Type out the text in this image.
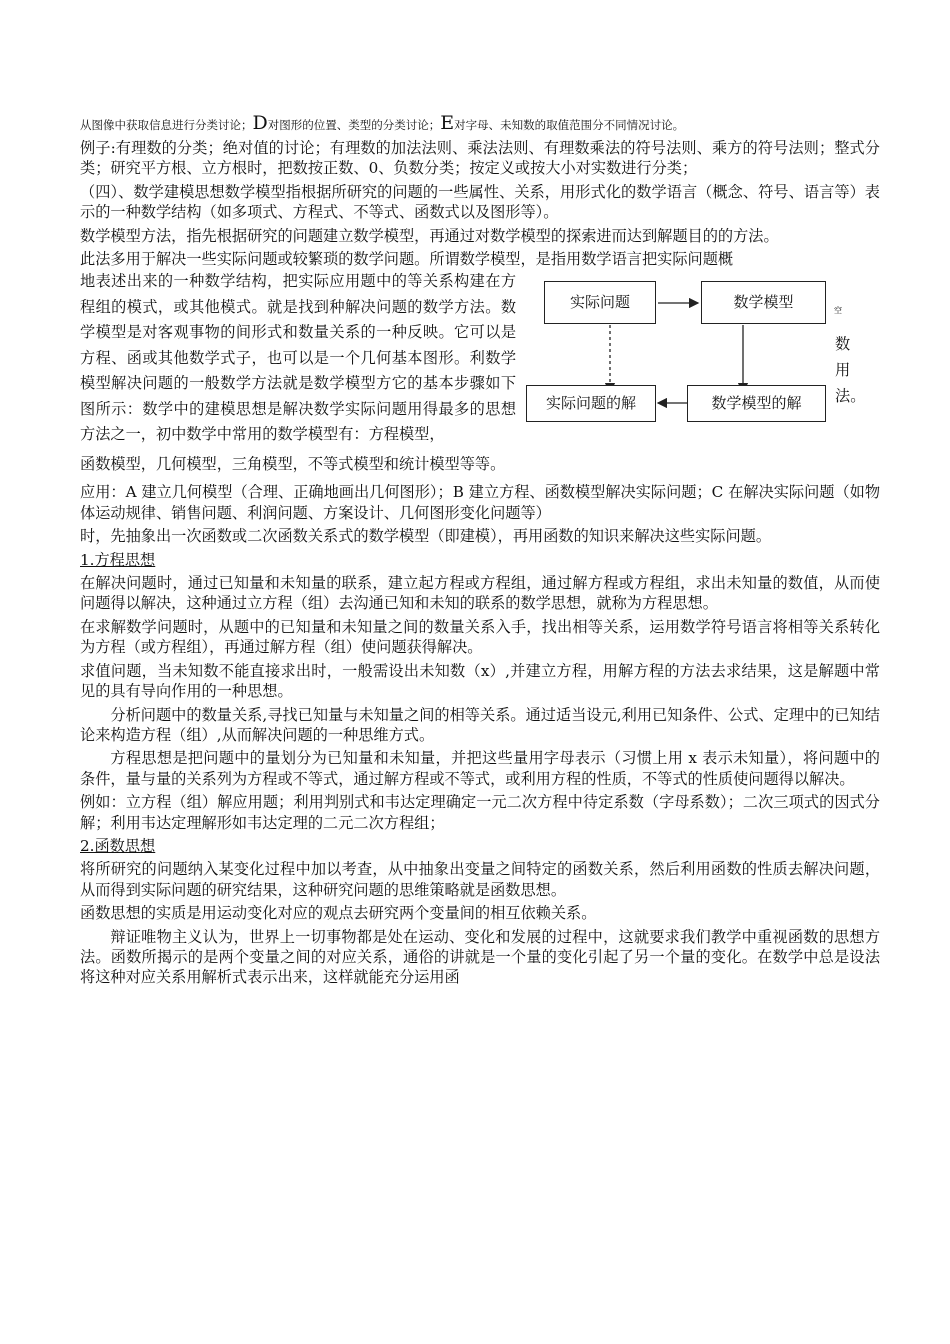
从图像中获取信息进行分类讨论；D对图形的位置、类型的分类讨论；E对字母、未知数的取值范围分不同情况讨论。

例子:有理数的分类；绝对值的讨论；有理数的加法法则、乘法法则、有理数乘法的符号法则、乘方的符号法则；整式分类；研究平方根、立方根时，把数按正数、0、负数分类；按定义或按大小对实数进行分类；

（四）、数学建模思想数学模型指根据所研究的问题的一些属性、关系，用形式化的数学语言（概念、符号、语言等）表示的一种数学结构（如多项式、方程式、不等式、函数式以及图形等）。

数学模型方法，指先根据研究的问题建立数学模型，再通过对数学模型的探索进而达到解题目的的方法。

此法多用于解决一些实际问题或较繁琐的数学问题。所谓数学模型，是指用数学语言把实际问题概

地表述出来的一种数学结构，把实际应用题中的等关系构建在方程组的模式，或其他模式。就是找到种解决问题的数学方法。数学模型是对客观事物的间形式和数量关系的一种反映。它可以是方程、函或其他数学式子，也可以是一个几何基本图形。利数学模型解决问题的一般数学方法就是数学模型方它的基本步骤如下图所示：数学中的建模思想是解决数学实际问题用得最多的思想方法之一，初中数学中常用的数学模型有：方程模型，
函数模型，几何模型，三角模型，不等式模型和统计模型等等。
实际问题	数学模型
实际问题的解	数学模型的解
空
数
用
法。

应用：A 建立几何模型（合理、正确地画出几何图形）；B 建立方程、函数模型解决实际问题；C 在解决实际问题（如物体运动规律、销售问题、利润问题、方案设计、几何图形变化问题等）

时，先抽象出一次函数或二次函数关系式的数学模型（即建模），再用函数的知识来解决这些实际问题。

1.方程思想

在解决问题时，通过已知量和未知量的联系，建立起方程或方程组，通过解方程或方程组，求出未知量的数值，从而使问题得以解决，这种通过立方程（组）去沟通已知和未知的联系的数学思想，就称为方程思想。

在求解数学问题时，从题中的已知量和未知量之间的数量关系入手，找出相等关系，运用数学符号语言将相等关系转化为方程（或方程组），再通过解方程（组）使问题获得解决。

求值问题，当未知数不能直接求出时，一般需设出未知数（x）,并建立方程，用解方程的方法去求结果，这是解题中常见的具有导向作用的一种思想。

分析问题中的数量关系,寻找已知量与未知量之间的相等关系。通过适当设元,利用已知条件、公式、定理中的已知结论来构造方程（组）,从而解决问题的一种思维方式。

方程思想是把问题中的量划分为已知量和未知量，并把这些量用字母表示（习惯上用 x 表示未知量），将问题中的条件，量与量的关系列为方程或不等式，通过解方程或不等式，或利用方程的性质，不等式的性质使问题得以解决。

例如：立方程（组）解应用题；利用判别式和韦达定理确定一元二次方程中待定系数（字母系数）；二次三项式的因式分解；利用韦达定理解形如韦达定理的二元二次方程组；

2.函数思想

将所研究的问题纳入某变化过程中加以考查，从中抽象出变量之间特定的函数关系，然后利用函数的性质去解决问题，从而得到实际问题的研究结果，这种研究问题的思维策略就是函数思想。

函数思想的实质是用运动变化对应的观点去研究两个变量间的相互依赖关系。

辩证唯物主义认为，世界上一切事物都是处在运动、变化和发展的过程中，这就要求我们教学中重视函数的思想方法。函数所揭示的是两个变量之间的对应关系，通俗的讲就是一个量的变化引起了另一个量的变化。在数学中总是设法将这种对应关系用解析式表示出来，这样就能充分运用函
